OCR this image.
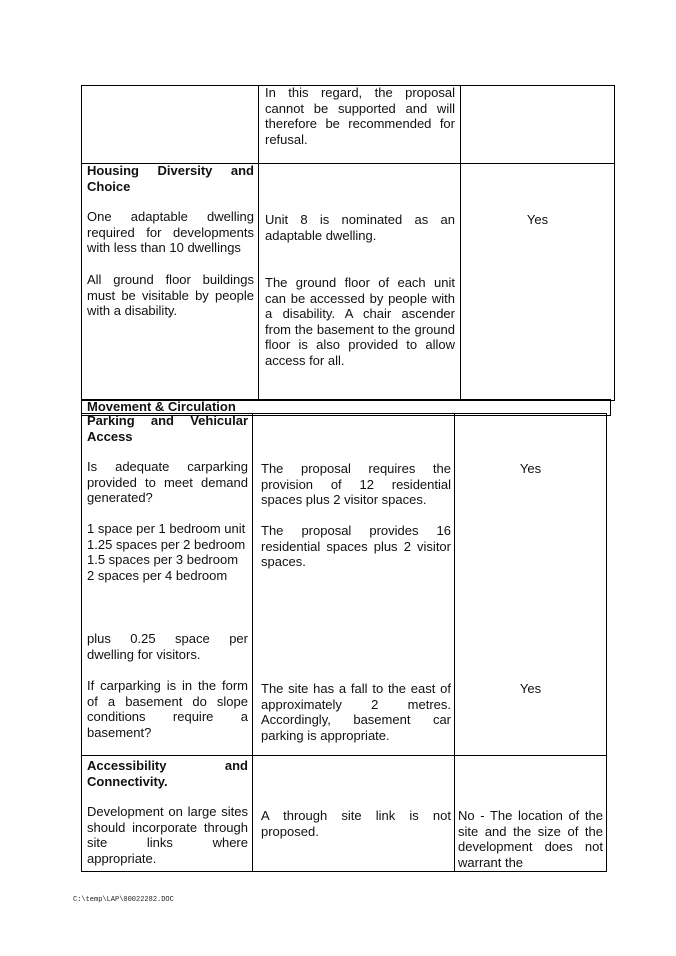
In this regard, the proposal cannot be supported and will therefore be recommended for refusal.
Housing Diversity and Choice
One adaptable dwelling required for developments with less than 10 dwellings
Unit 8 is nominated as an adaptable dwelling.
Yes
All ground floor buildings must be visitable by people with a disability.
The ground floor of each unit can be accessed by people with a disability. A chair ascender from the basement to the ground floor is also provided to allow access for all.
Movement & Circulation
Parking and Vehicular Access
Is adequate carparking provided to meet demand generated?
The proposal requires the provision of 12 residential spaces plus 2 visitor spaces.
Yes
1 space per 1 bedroom unit
1.25 spaces per 2 bedroom
1.5 spaces per 3 bedroom
2 spaces per 4 bedroom
The proposal provides 16 residential spaces plus 2 visitor spaces.
plus 0.25 space per dwelling for visitors.
If carparking is in the form of a basement do slope conditions require a basement?
The site has a fall to the east of approximately 2 metres. Accordingly, basement car parking is appropriate.
Yes
Accessibility and Connectivity.
Development on large sites should incorporate through site links where appropriate.
A through site link is not proposed.
No - The location of the site and the size of the development does not warrant the
C:\temp\LAP\00022282.DOC
